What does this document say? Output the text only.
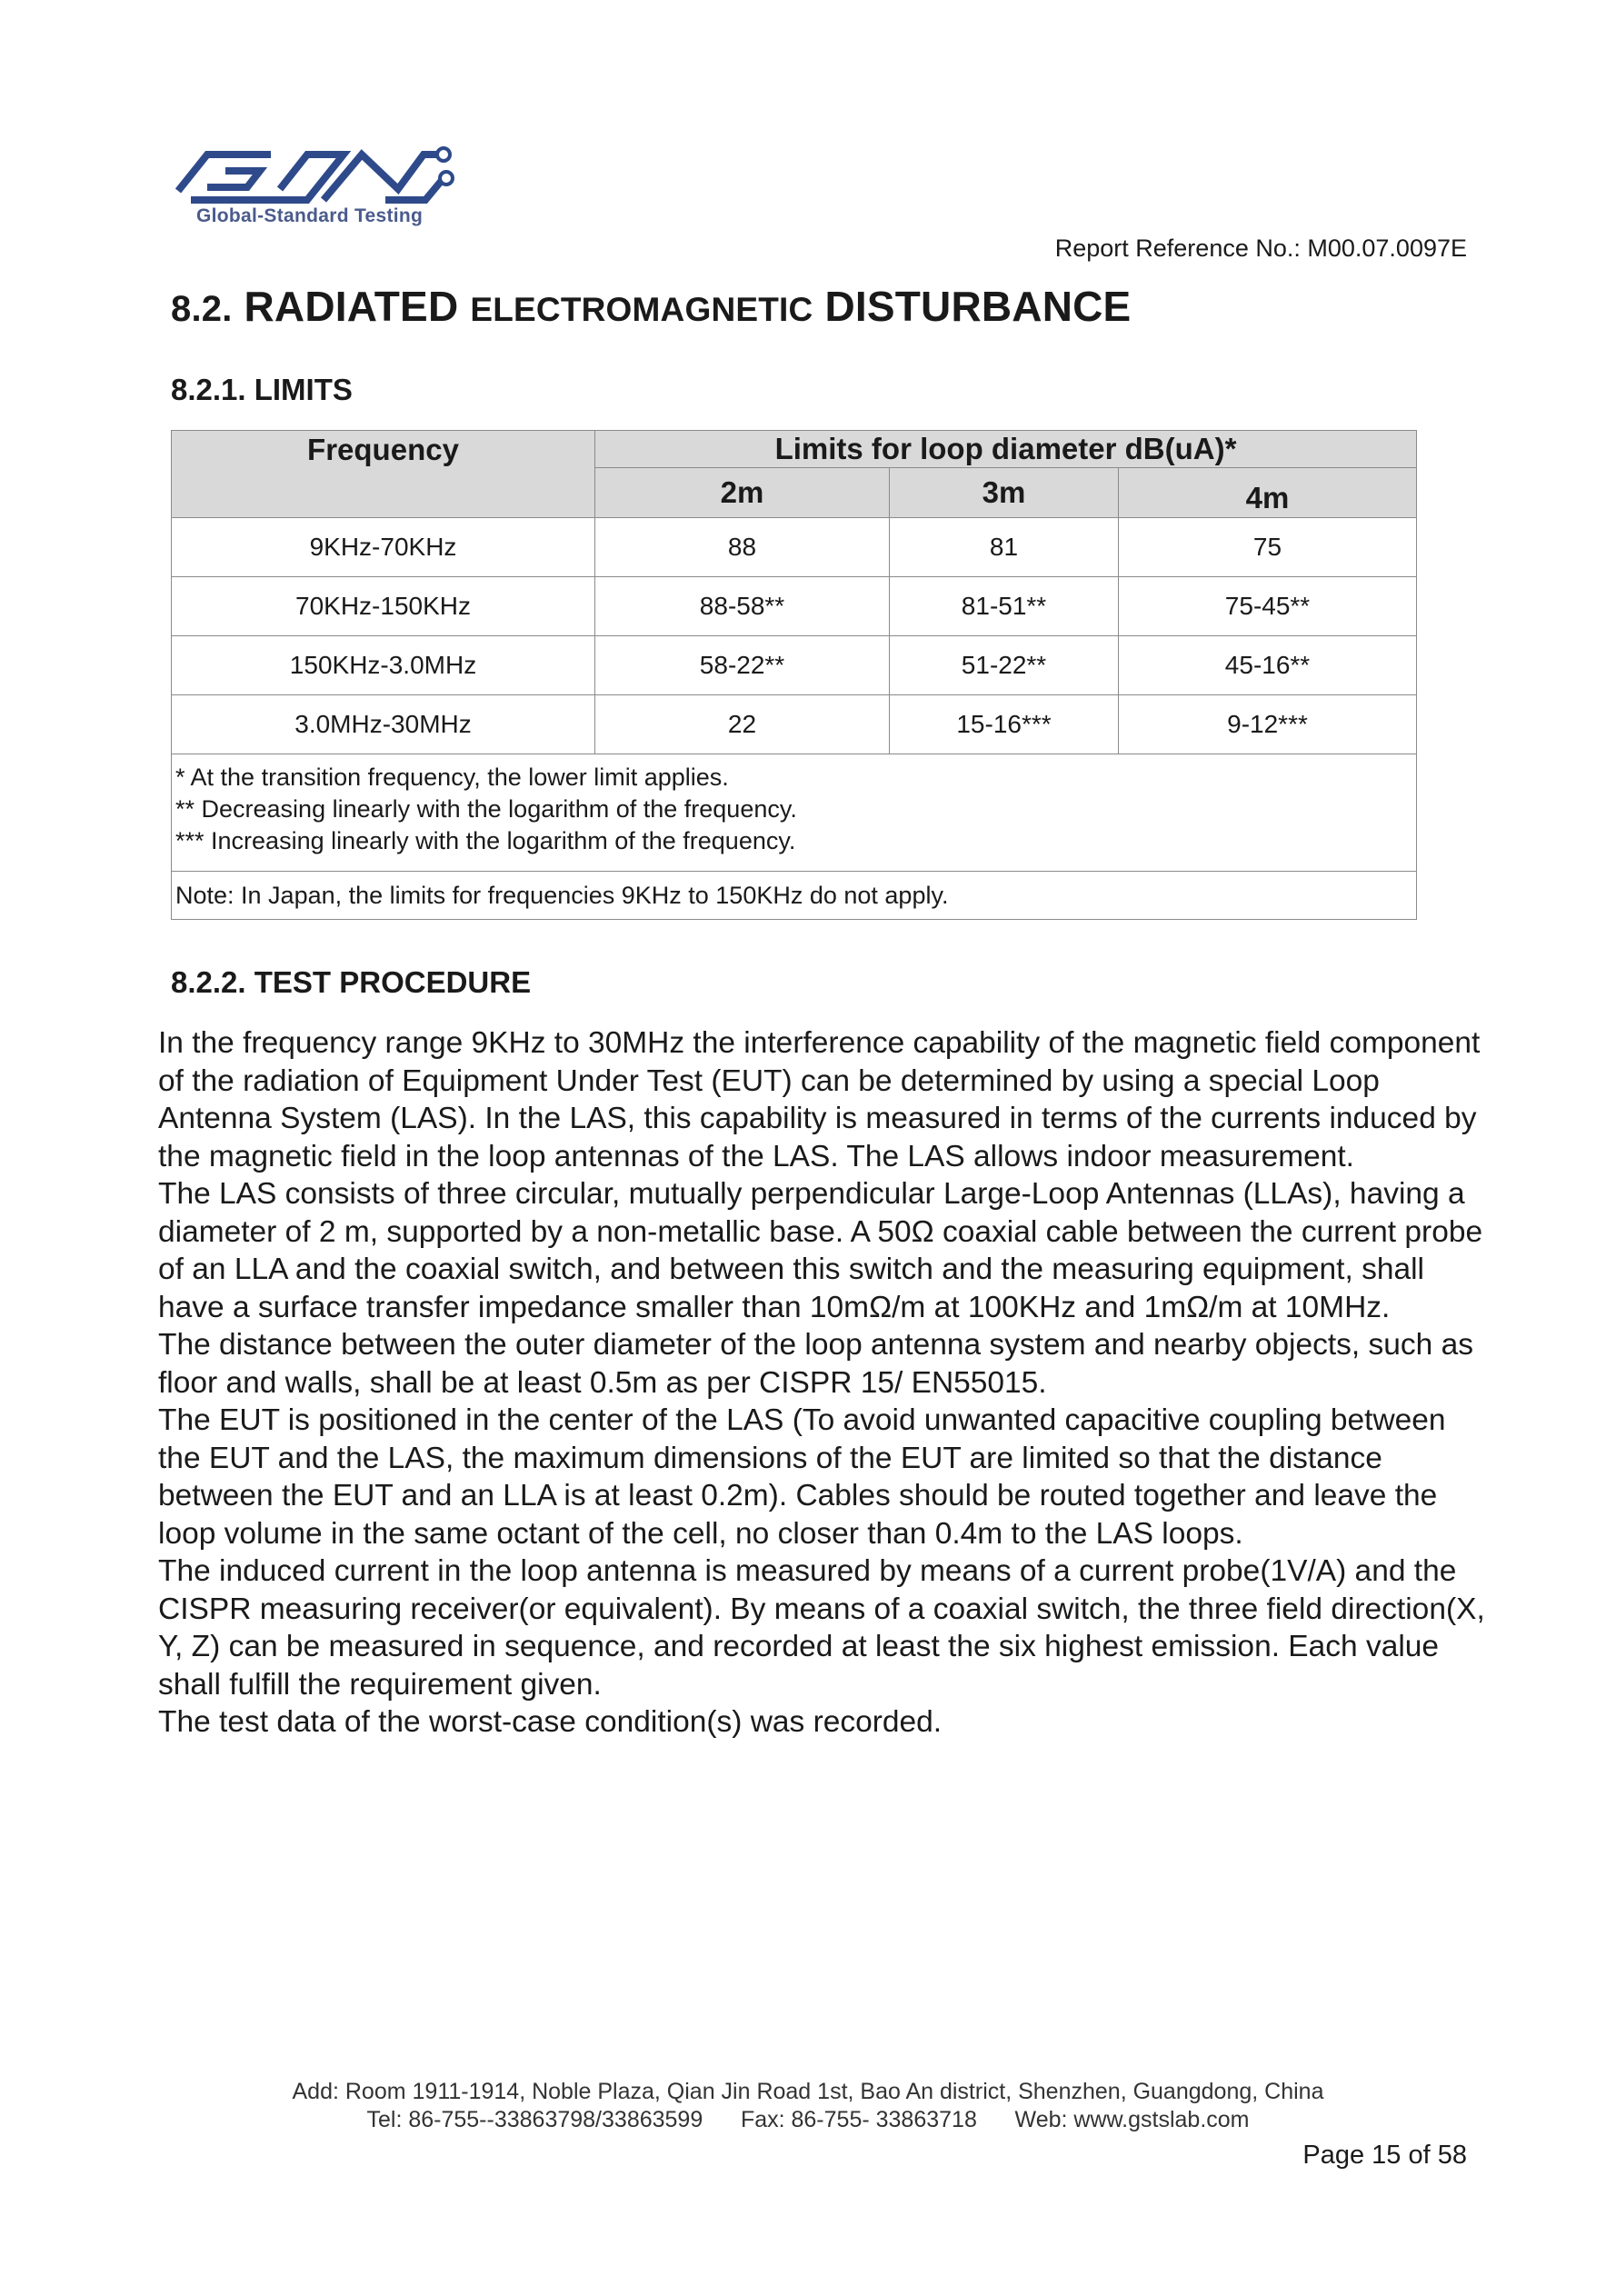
Global-Standard Testing
Report Reference No.: M00.07.0097E
8.2. RADIATED ELECTROMAGNETIC DISTURBANCE
8.2.1. LIMITS
Frequency	Limits for loop diameter dB(uA)*		
	2m	3m	4m
9KHz-70KHz	88	81	75
70KHz-150KHz	88-58**	81-51**	75-45**
150KHz-3.0MHz	58-22**	51-22**	45-16**
3.0MHz-30MHz	22	15-16***	9-12***

* At the transition frequency, the lower limit applies.
** Decreasing linearly with the logarithm of the frequency.
*** Increasing linearly with the logarithm of the frequency.			

Note: In Japan, the limits for frequencies 9KHz to 150KHz do not apply.			
8.2.2. TEST PROCEDURE

In the frequency range 9KHz to 30MHz the interference capability of the magnetic field component of the radiation of Equipment Under Test (EUT) can be determined by using a special Loop Antenna System (LAS). In the LAS, this capability is measured in terms of the currents induced by the magnetic field in the loop antennas of the LAS. The LAS allows indoor measurement.

The LAS consists of three circular, mutually perpendicular Large-Loop Antennas (LLAs), having a diameter of 2 m, supported by a non-metallic base. A 50Ω coaxial cable between the current probe of an LLA and the coaxial switch, and between this switch and the measuring equipment, shall have a surface transfer impedance smaller than 10mΩ/m at 100KHz and 1mΩ/m at 10MHz.

The distance between the outer diameter of the loop antenna system and nearby objects, such as floor and walls, shall be at least 0.5m as per CISPR 15/ EN55015.

The EUT is positioned in the center of the LAS (To avoid unwanted capacitive coupling between the EUT and the LAS, the maximum dimensions of the EUT are limited so that the distance between the EUT and an LLA is at least 0.2m). Cables should be routed together and leave the loop volume in the same octant of the cell, no closer than 0.4m to the LAS loops.

The induced current in the loop antenna is measured by means of a current probe(1V/A) and the CISPR measuring receiver(or equivalent). By means of a coaxial switch, the three field direction(X, Y, Z) can be measured in sequence, and recorded at least the six highest emission. Each value shall fulfill the requirement given.

The test data of the worst-case condition(s) was recorded.

Add: Room 1911-1914, Noble Plaza, Qian Jin Road 1st, Bao An district, Shenzhen, Guangdong, China
Tel: 86-755--33863798/33863599 Fax: 86-755- 33863718 Web: www.gstslab.com
Page 15 of 58
